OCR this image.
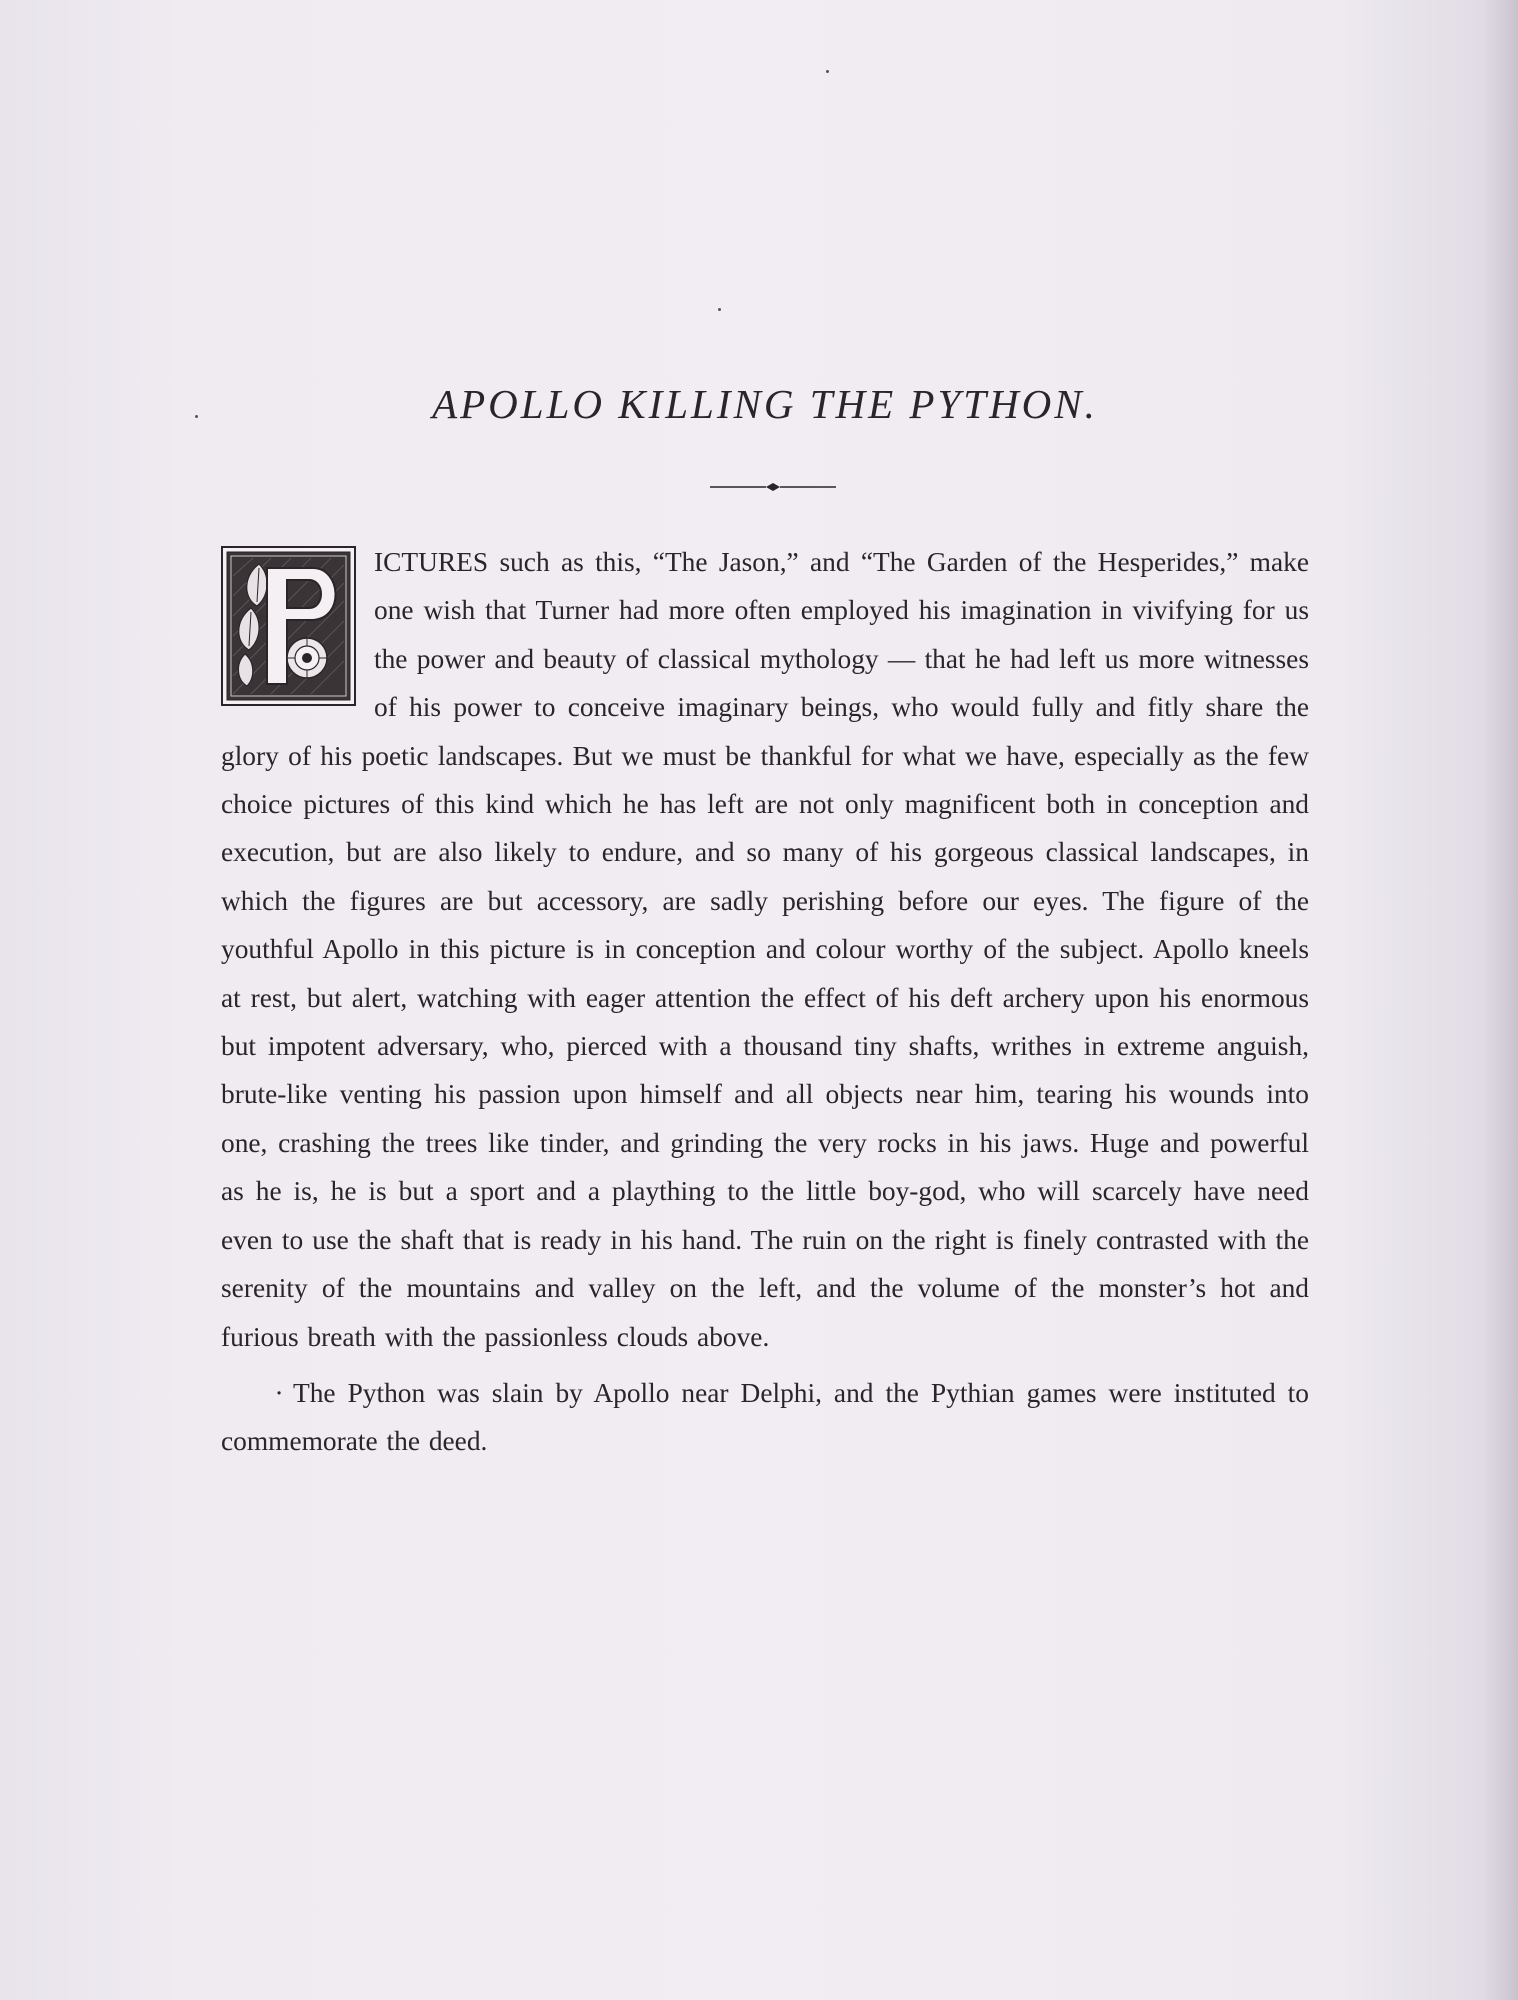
APOLLO KILLING THE PYTHON.

ICTURES such as this, “The Jason,” and “The Garden of the Hesperides,” make one wish that Turner had more often employed his imagination in vivifying for us the power and beauty of classical mythology — that he had left us more witnesses of his power to conceive imaginary beings, who would fully and fitly share the glory of his poetic landscapes. But we must be thankful for what we have, especially as the few choice pictures of this kind which he has left are not only magnificent both in conception and execution, but are also likely to endure, and so many of his gorgeous classical landscapes, in which the figures are but accessory, are sadly perishing before our eyes. The figure of the youthful Apollo in this picture is in conception and colour worthy of the subject. Apollo kneels at rest, but alert, watching with eager attention the effect of his deft archery upon his enormous but impotent adversary, who, pierced with a thousand tiny shafts, writhes in extreme anguish, brute-like venting his passion upon himself and all objects near him, tearing his wounds into one, crashing the trees like tinder, and grinding the very rocks in his jaws. Huge and powerful as he is, he is but a sport and a plaything to the little boy-god, who will scarcely have need even to use the shaft that is ready in his hand. The ruin on the right is finely contrasted with the serenity of the mountains and valley on the left, and the volume of the monster’s hot and furious breath with the passionless clouds above.

· The Python was slain by Apollo near Delphi, and the Pythian games were instituted to commemorate the deed.
